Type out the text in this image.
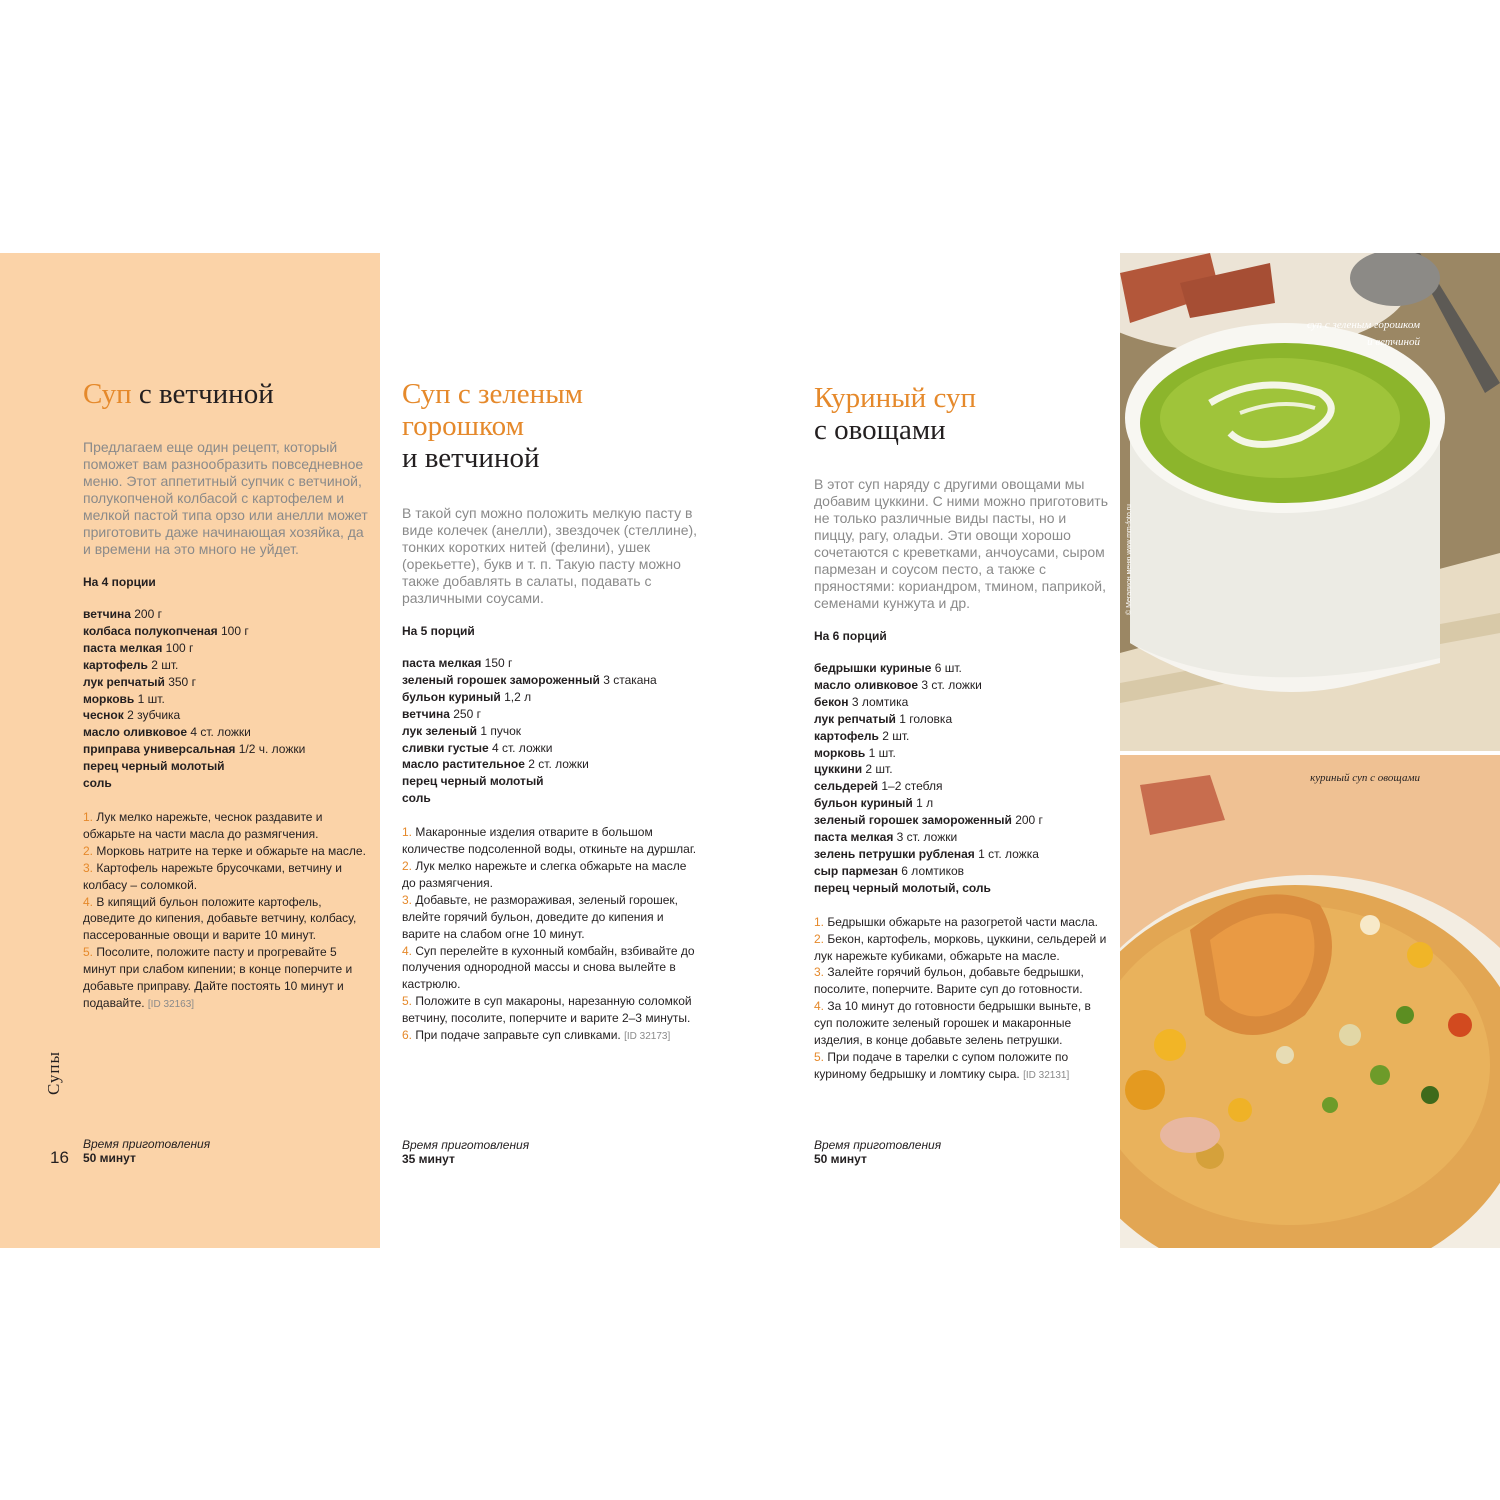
Супы
16
Суп с ветчиной

Предлагаем еще один рецепт, который поможет вам разнообразить повседневное меню. Этот аппетитный супчик с ветчиной, полукопченой колбасой с картофелем и мелкой пастой типа орзо или анелли может приготовить даже начинающая хозяйка, да и времени на это много не уйдет.

На 4 порции

ветчина 200 г
колбаса полукопченая 100 г
паста мелкая 100 г
картофель 2 шт.
лук репчатый 350 г
морковь 1 шт.
чеснок 2 зубчика
масло оливковое 4 ст. ложки
приправа универсальная 1/2 ч. ложки
перец черный молотый
соль
1. Лук мелко нарежьте, чеснок раздавите и обжарьте на части масла до размягчения.
2. Морковь натрите на терке и обжарьте на масле.
3. Картофель нарежьте брусочками, ветчину и колбасу – соломкой.
4. В кипящий бульон положите картофель, доведите до кипения, добавьте ветчину, колбасу, пассерованные овощи и варите 10 минут.
5. Посолите, положите пасту и прогревайте 5 минут при слабом кипении; в конце поперчите и добавьте приправу. Дайте постоять 10 минут и подавайте. [ID 32163]
Время приготовления
50 минут
Суп с зеленым
горошком
и ветчиной

В такой суп можно положить мелкую пасту в виде колечек (анелли), звездочек (стеллине), тонких коротких нитей (фелини), ушек (орекьетте), букв и т. п. Такую пасту можно также добавлять в салаты, подавать с различными соусами.

На 5 порций

паста мелкая 150 г
зеленый горошек замороженный 3 стакана
бульон куриный 1,2 л
ветчина 250 г
лук зеленый 1 пучок
сливки густые 4 ст. ложки
масло растительное 2 ст. ложки
перец черный молотый
соль
1. Макаронные изделия отварите в большом количестве подсоленной воды, откиньте на дуршлаг.
2. Лук мелко нарежьте и слегка обжарьте на масле до размягчения.
3. Добавьте, не размораживая, зеленый горошек, влейте горячий бульон, доведите до кипения и варите на слабом огне 10 минут.
4. Суп перелейте в кухонный комбайн, взбивайте до получения однородной массы и снова вылейте в кастрюлю.
5. Положите в суп макароны, нарезанную соломкой ветчину, посолите, поперчите и варите 2–3 минуты.
6. При подаче заправьте суп сливками. [ID 32173]
Время приготовления
35 минут
Куриный суп
с овощами

В этот суп наряду с другими овощами мы добавим цуккини. С ними можно приготовить не только различные виды пасты, но и пиццу, рагу, оладьи. Эти овощи хорошо сочетаются с креветками, анчоусами, сыром пармезан и соусом песто, а также с пряностями: кориандром, тмином, паприкой, семенами кунжута и др.

На 6 порций

бедрышки куриные 6 шт.
масло оливковое 3 ст. ложки
бекон 3 ломтика
лук репчатый 1 головка
картофель 2 шт.
морковь 1 шт.
цуккини 2 шт.
сельдерей 1–2 стебля
бульон куриный 1 л
зеленый горошек замороженный 200 г
паста мелкая 3 ст. ложки
зелень петрушки рубленая 1 ст. ложка
сыр пармезан 6 ломтиков
перец черный молотый, соль
1. Бедрышки обжарьте на разогретой части масла.
2. Бекон, картофель, морковь, цуккини, сельдерей и лук нарежьте кубиками, обжарьте на масле.
3. Залейте горячий бульон, добавьте бедрышки, посолите, поперчите. Варите суп до готовности.
4. За 10 минут до готовности бедрышки выньте, в суп положите зеленый горошек и макаронные изделия, в конце добавьте зелень петрушки.
5. При подаче в тарелки с супом положите по куриному бедрышку и ломтику сыра. [ID 32131]
Время приготовления
50 минут
суп с зеленым горошком
и ветчиной
© Мегапион меню www.mm-foto.ru
куриный суп с овощами
